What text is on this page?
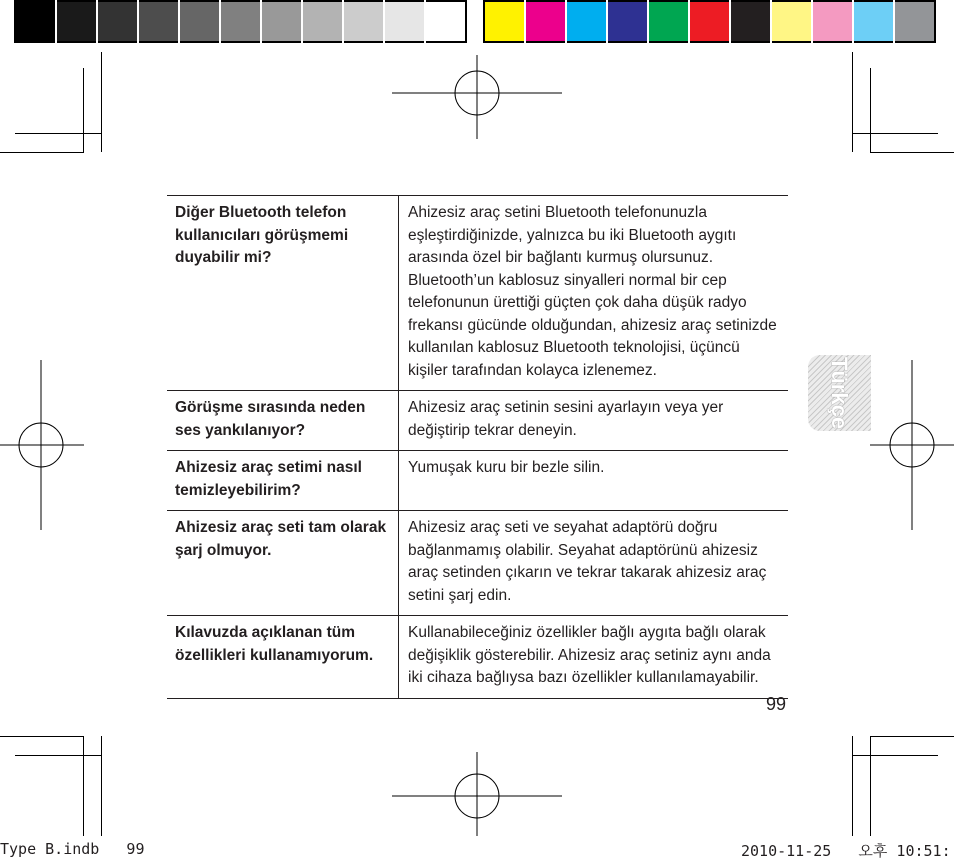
Türkçe
Diğer Bluetooth telefon kullanıcıları görüşmemi duyabilir mi?	Ahizesiz araç setini Bluetooth telefonunuzla eşleştirdiğinizde, yalnızca bu iki Bluetooth aygıtı arasında özel bir bağlantı kurmuş olursunuz. Bluetooth’un kablosuz sinyalleri normal bir cep telefonunun ürettiği güçten çok daha düşük radyo frekansı gücünde olduğundan, ahizesiz araç setinizde kullanılan kablosuz Bluetooth teknolojisi, üçüncü kişiler tarafından kolayca izlenemez.
Görüşme sırasında neden ses yankılanıyor?	Ahizesiz araç setinin sesini ayarlayın veya yer değiştirip tekrar deneyin.
Ahizesiz araç setimi nasıl temizleyebilirim?	Yumuşak kuru bir bezle silin.
Ahizesiz araç seti tam olarak şarj olmuyor.	Ahizesiz araç seti ve seyahat adaptörü doğru bağlanmamış olabilir. Seyahat adaptörünü ahizesiz araç setinden çıkarın ve tekrar takarak ahizesiz araç setini şarj edin.
Kılavuzda açıklanan tüm özellikleri kullanamıyorum.	Kullanabileceğiniz özellikler bağlı aygıta bağlı olarak değişiklik gösterebilir. Ahizesiz araç setiniz aynı anda iki cihaza bağlıysa bazı özellikler kullanılamayabilir.
99
Type B.indb   99	2010-11-25   오후 10:51:
